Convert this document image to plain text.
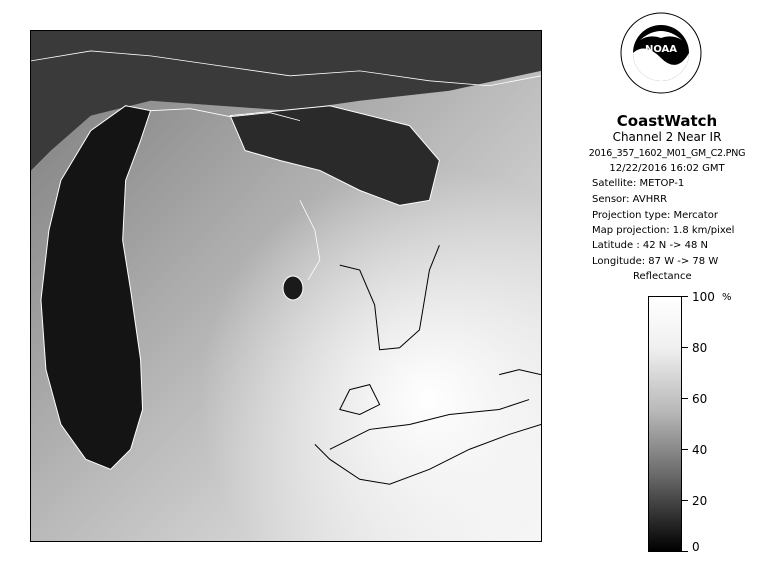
NOAA
CoastWatch
Channel 2 Near IR
2016_357_1602_M01_GM_C2.PNG
12/22/2016 16:02 GMT
Satellite: METOP-1
Sensor: AVHRR
Projection type: Mercator
Map projection: 1.8 km/pixel
Latitude : 42 N -> 48 N
Longitude: 87 W -> 78 W
Reflectance
%
100
80
60
40
20
0
